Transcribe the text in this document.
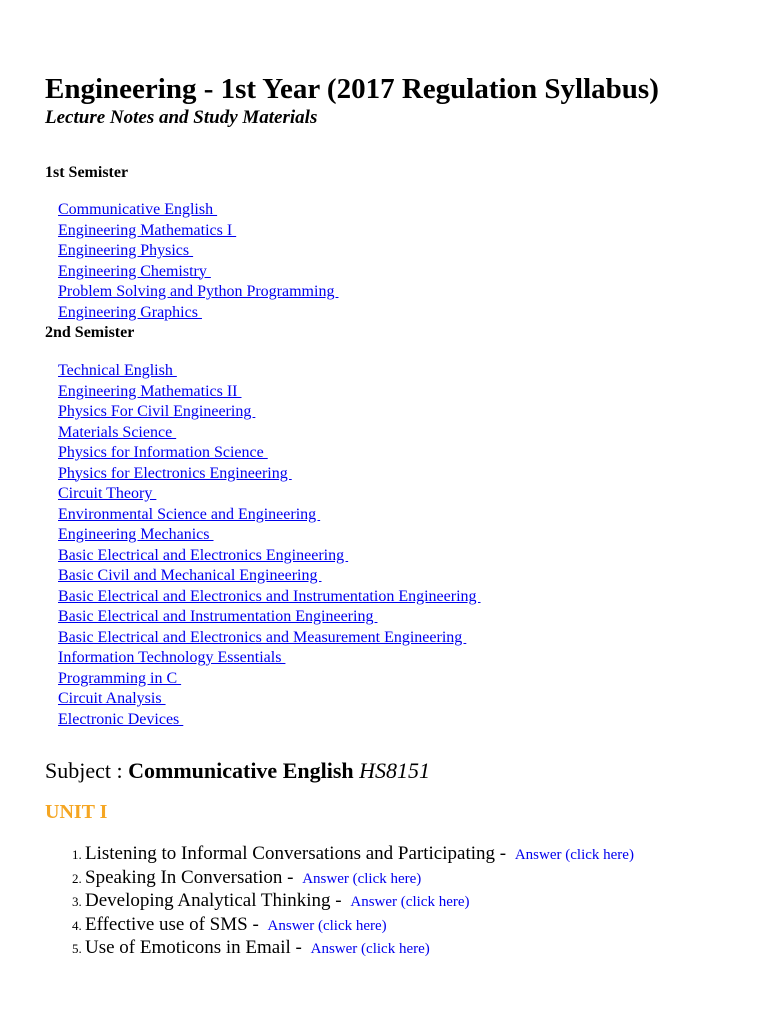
Engineering - 1st Year (2017 Regulation Syllabus)
Lecture Notes and Study Materials
1st Semister
Communicative English
Engineering Mathematics I
Engineering Physics
Engineering Chemistry
Problem Solving and Python Programming
Engineering Graphics
2nd Semister
Technical English
Engineering Mathematics II
Physics For Civil Engineering
Materials Science
Physics for Information Science
Physics for Electronics Engineering
Circuit Theory
Environmental Science and Engineering
Engineering Mechanics
Basic Electrical and Electronics Engineering
Basic Civil and Mechanical Engineering
Basic Electrical and Electronics and Instrumentation Engineering
Basic Electrical and Instrumentation Engineering
Basic Electrical and Electronics and Measurement Engineering
Information Technology Essentials
Programming in C
Circuit Analysis
Electronic Devices
Subject : Communicative English HS8151
UNIT I
1. Listening to Informal Conversations and Participating - Answer (click here)
2. Speaking In Conversation - Answer (click here)
3. Developing Analytical Thinking - Answer (click here)
4. Effective use of SMS - Answer (click here)
5. Use of Emoticons in Email - Answer (click here)
